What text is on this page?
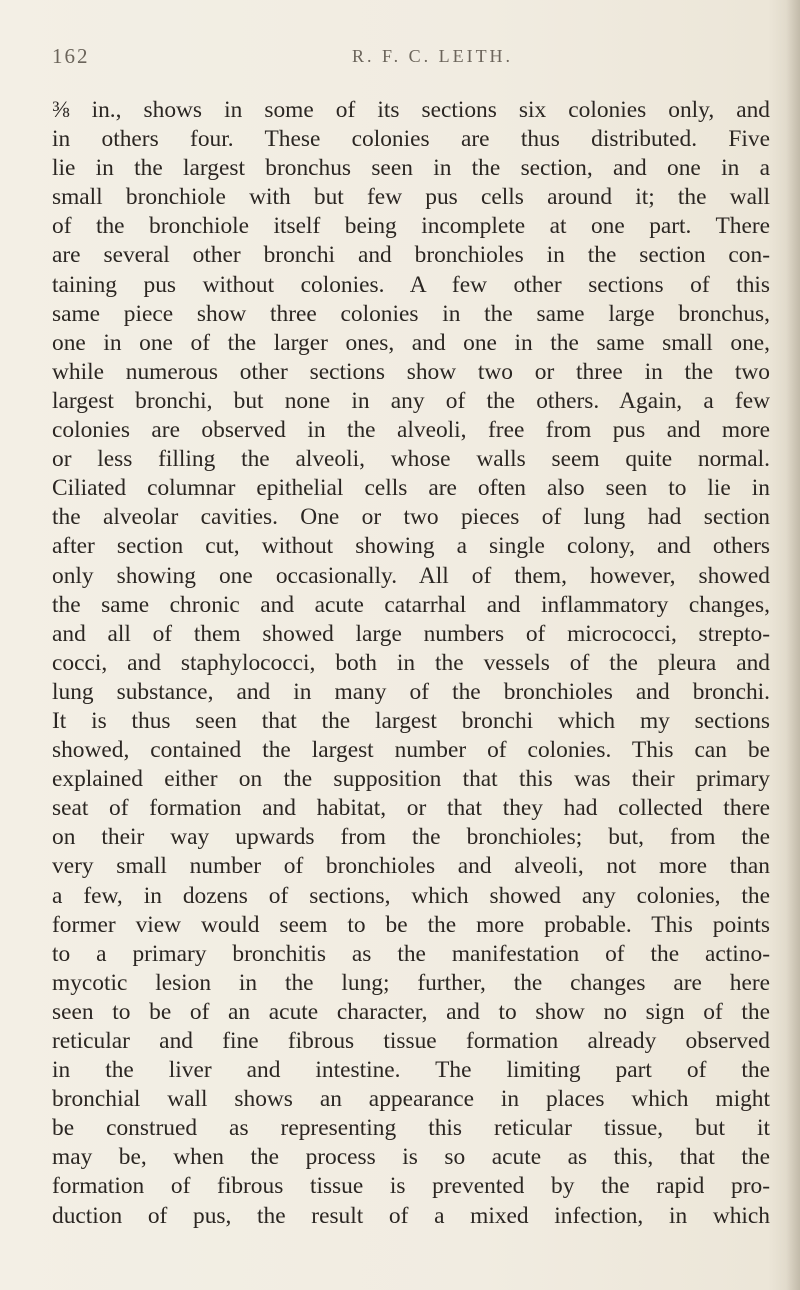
162	R. F. C. LEITH.
⅜ in., shows in some of its sections six colonies only, and
in others four. These colonies are thus distributed. Five
lie in the largest bronchus seen in the section, and one in a
small bronchiole with but few pus cells around it; the wall
of the bronchiole itself being incomplete at one part. There
are several other bronchi and bronchioles in the section con-
taining pus without colonies. A few other sections of this
same piece show three colonies in the same large bronchus,
one in one of the larger ones, and one in the same small one,
while numerous other sections show two or three in the two
largest bronchi, but none in any of the others. Again, a few
colonies are observed in the alveoli, free from pus and more
or less filling the alveoli, whose walls seem quite normal.
Ciliated columnar epithelial cells are often also seen to lie in
the alveolar cavities. One or two pieces of lung had section
after section cut, without showing a single colony, and others
only showing one occasionally. All of them, however, showed
the same chronic and acute catarrhal and inflammatory changes,
and all of them showed large numbers of micrococci, strepto-
cocci, and staphylococci, both in the vessels of the pleura and
lung substance, and in many of the bronchioles and bronchi.
It is thus seen that the largest bronchi which my sections
showed, contained the largest number of colonies. This can be
explained either on the supposition that this was their primary
seat of formation and habitat, or that they had collected there
on their way upwards from the bronchioles; but, from the
very small number of bronchioles and alveoli, not more than
a few, in dozens of sections, which showed any colonies, the
former view would seem to be the more probable. This points
to a primary bronchitis as the manifestation of the actino-
mycotic lesion in the lung; further, the changes are here
seen to be of an acute character, and to show no sign of the
reticular and fine fibrous tissue formation already observed
in the liver and intestine. The limiting part of the
bronchial wall shows an appearance in places which might
be construed as representing this reticular tissue, but it
may be, when the process is so acute as this, that the
formation of fibrous tissue is prevented by the rapid pro-
duction of pus, the result of a mixed infection, in which
